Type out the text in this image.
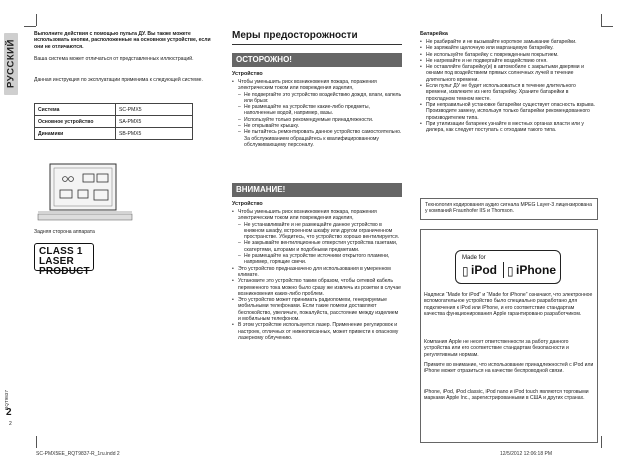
РУССКИЙ
RQT9837
2
2
Выполните действия с помощью пульта ДУ. Вы также можете использовать кнопки, расположенные на основном устройстве, если они не отличаются.
Ваша система может отличаться от представленных иллюстраций.
Данная инструкция по эксплуатации применима к следующей системе.
Система	SC-PMX5
Основное устройство	SA-PMX5
Динамики	SB-PMX5
Задняя сторона аппарата
CLASS 1
LASER PRODUCT
Меры предосторожности
ОСТОРОЖНО!
Устройство
• Чтобы уменьшить риск возникновения пожара, поражения электрическим током или повреждения изделия,
– Не подвергайте это устройство воздействию дождя, влаги, капель или брызг.
– Не размещайте на устройстве какие-либо предметы, наполненные водой, например, вазы.
– Используйте только рекомендуемые принадлежности.
– Не открывайте крышку.
– Не пытайтесь ремонтировать данное устройство самостоятельно. За обслуживанием обращайтесь к квалифицированному обслуживающему персоналу.
ВНИМАНИЕ!
Устройство
• Чтобы уменьшить риск возникновения пожара, поражения электрическим током или повреждения изделия,
– Не устанавливайте и не размещайте данное устройство в книжном шкафу, встроенном шкафу или другом ограниченном пространстве. Убедитесь, что устройство хорошо вентилируется.
– Не закрывайте вентиляционные отверстия устройства газетами, скатертями, шторами и подобными предметами.
– Не размещайте на устройстве источники открытого пламени, например, горящие свечи.
• Это устройство предназначено для использования в умеренном климате.
• Установите это устройство таким образом, чтобы сетевой кабель переменного тока можно было сразу же извлечь из розетки в случае возникновения каких-либо проблем.
• Это устройство может принимать радиопомехи, генерируемые мобильными телефонами. Если такие помехи доставляют беспокойство, увеличьте, пожалуйста, расстояние между изделием и мобильным телефоном.
• В этом устройстве используется лазер. Применение регулировок и настроек, отличных от нижеописанных, может привести к опасному лазерному облучению.
Батарейка
• Не разбирайте и не вызывайте короткое замыкание батарейки.
• Не заряжайте щелочную или марганцевую батарейку.
• Не используйте батарейку с поврежденным покрытием.
• Не нагревайте и не подвергайте воздействию огня.
• Не оставляйте батарейку(и) в автомобиле с закрытыми дверями и окнами под воздействием прямых солнечных лучей в течение длительного времени.
• Если пульт ДУ не будет использоваться в течение длительного времени, извлеките из него батарейку. Храните батарейки в прохладном темном месте.
• При неправильной установке батарейки существует опасность взрыва. Производите замену, используя только батарейки рекомендованного производителем типа.
• При утилизации батареек узнайте в местных органах власти или у дилера, как следует поступать с отходами такого типа.
Технология кодирования аудио сигнала MPEG Layer-3 лицензирована у компаний Fraunhofer IIS и Thomson.
Made for
▯ iPod ▯ iPhone
Надписи “Made for iPod” и “Made for iPhone” означают, что электронное вспомогательное устройство было специально разработано для подключения к iPod или iPhone, и его соответствие стандартам качества функционирования Apple гарантировано разработчиком.
Компания Apple не несет ответственности за работу данного устройства или его соответствие стандартам безопасности и регулятивным нормам.
Примите во внимание, что использование принадлежностей с iPod или iPhone может отразиться на качестве беспроводной связи.
iPhone, iPod, iPod classic, iPod nano и iPod touch являются торговыми марками Apple Inc., зарегистрированными в США и других странах.
SC-PMX5EE_RQT9837-R_1ru.indd 2	12/5/2012 12:06:18 PM
